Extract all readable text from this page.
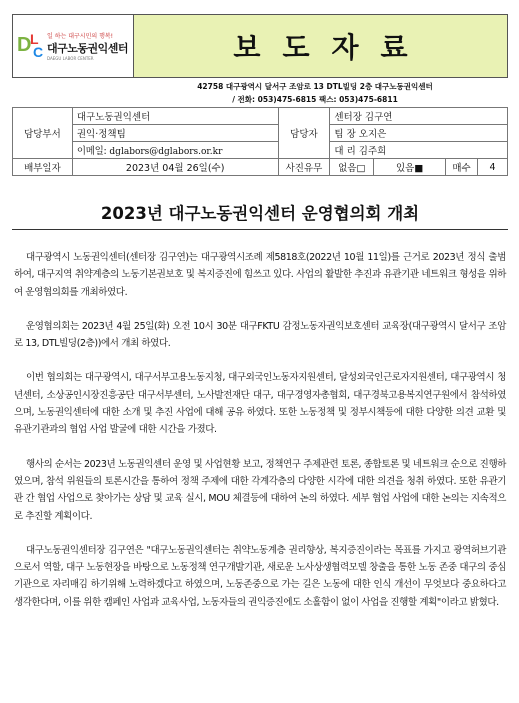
D
L
C
일 하는 대구시민의 행복!
대구노동권익센터
DAEGU LABOR CENTER	보도자료
42758 대구광역시 달서구 조암로 13 DTL빌딩 2층 대구노동권익센터
/ 전화: 053)475-6815 팩스: 053)475-6811
담당부서	대구노동권익센터	담당자	센터장 김구연			
	권익·정책팀		팀 장 오지은			
	이메일: dglabors@dglabors.or.kr		대 리 김주희			
배부일자	2023년 04월 26일(수)	사진유무	없음□	있음■	매수	4
2023년 대구노동권익센터 운영협의회 개최

대구광역시 노동권익센터(센터장 김구연)는 대구광역시조례 제5818호(2022년 10월 11일)를 근거로 2023년 정식 출범하여, 대구지역 취약계층의 노동기본권보호 및 복지증진에 힘쓰고 있다. 사업의 활발한 추진과 유관기관 네트워크 형성을 위하여 운영협의회를 개최하였다.

운영협의회는 2023년 4월 25일(화) 오전 10시 30분 대구FKTU 감정노동자권익보호센터 교육장(대구광역시 달서구 조암로 13, DTL빌딩(2층))에서 개최 하였다.

이번 협의회는 대구광역시, 대구서부고용노동지청, 대구외국인노동자지원센터, 달성외국인근로자지원센터, 대구광역시 청년센터, 소상공인시장진흥공단 대구서부센터, 노사발전재단 대구, 대구경영자총협회, 대구경북고용복지연구원에서 참석하였으며, 노동권익센터에 대한 소개 및 추진 사업에 대해 공유 하였다. 또한 노동정책 및 정부시책등에 대한 다양한 의견 교환 및 유관기관과의 협업 사업 발굴에 대한 시간을 가졌다.

행사의 순서는 2023년 노동권익센터 운영 및 사업현황 보고, 정책연구 주제관련 토론, 종합토론 및 네트워크 순으로 진행하였으며, 참석 위원들의 토론시간을 통하여 정책 주제에 대한 각계각층의 다양한 시각에 대한 의견을 청취 하였다. 또한 유관기관 간 협업 사업으로 찾아가는 상담 및 교육 실시, MOU 체결등에 대하여 논의 하였다. 세부 협업 사업에 대한 논의는 지속적으로 추진할 계획이다.

대구노동권익센터장 김구연은 "대구노동권익센터는 취약노동계층 권리향상, 복지증진이라는 목표를 가지고 광역허브기관으로서 역할, 대구 노동현장을 바탕으로 노동정책 연구개발기관, 새로운 노사상생협력모델 창출을 통한 노동 존중 대구의 중심기관으로 자리매김 하기위해 노력하겠다고 하였으며, 노동존중으로 가는 길은 노동에 대한 인식 개선이 무엇보다 중요하다고 생각한다며, 이를 위한 캠페인 사업과 교육사업, 노동자들의 권익증진에도 소홀함이 없이 사업을 진행할 계획"이라고 밝혔다.
